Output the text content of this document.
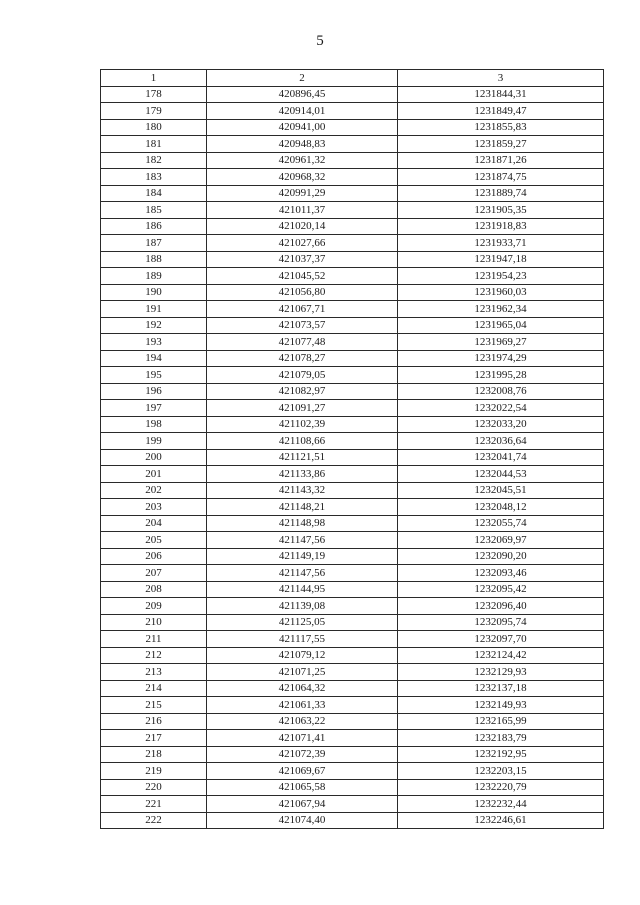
5
1	2	3
178	420896,45	1231844,31
179	420914,01	1231849,47
180	420941,00	1231855,83
181	420948,83	1231859,27
182	420961,32	1231871,26
183	420968,32	1231874,75
184	420991,29	1231889,74
185	421011,37	1231905,35
186	421020,14	1231918,83
187	421027,66	1231933,71
188	421037,37	1231947,18
189	421045,52	1231954,23
190	421056,80	1231960,03
191	421067,71	1231962,34
192	421073,57	1231965,04
193	421077,48	1231969,27
194	421078,27	1231974,29
195	421079,05	1231995,28
196	421082,97	1232008,76
197	421091,27	1232022,54
198	421102,39	1232033,20
199	421108,66	1232036,64
200	421121,51	1232041,74
201	421133,86	1232044,53
202	421143,32	1232045,51
203	421148,21	1232048,12
204	421148,98	1232055,74
205	421147,56	1232069,97
206	421149,19	1232090,20
207	421147,56	1232093,46
208	421144,95	1232095,42
209	421139,08	1232096,40
210	421125,05	1232095,74
211	421117,55	1232097,70
212	421079,12	1232124,42
213	421071,25	1232129,93
214	421064,32	1232137,18
215	421061,33	1232149,93
216	421063,22	1232165,99
217	421071,41	1232183,79
218	421072,39	1232192,95
219	421069,67	1232203,15
220	421065,58	1232220,79
221	421067,94	1232232,44
222	421074,40	1232246,61
